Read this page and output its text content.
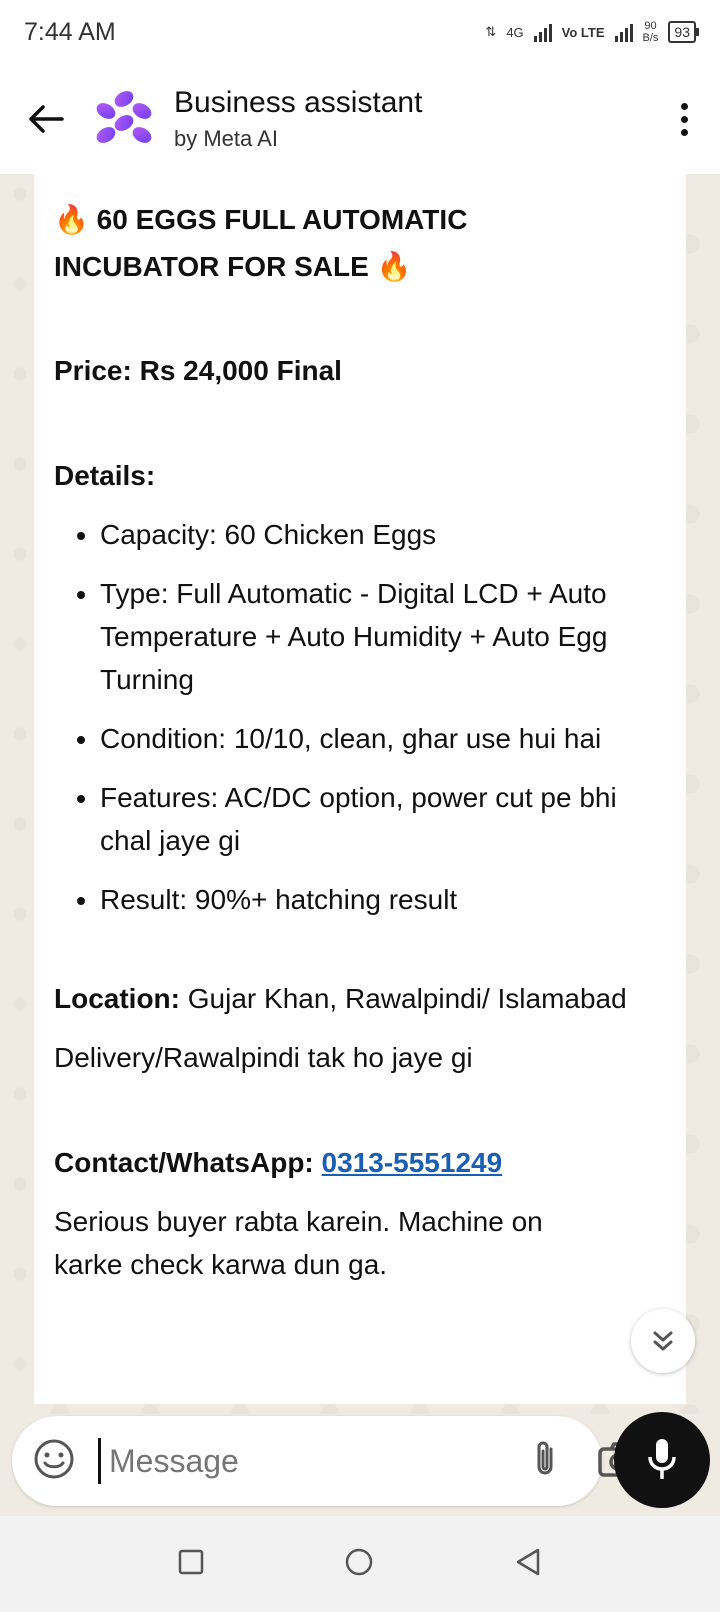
7:44 AM	⇅ 4G	Vo LTE	90
B/s	93
Business assistant
by Meta AI

🔥 60 EGGS FULL AUTOMATIC

INCUBATOR FOR SALE 🔥

Price: Rs 24,000 Final

Details:

• Capacity: 60 Chicken Eggs
• Type: Full Automatic - Digital LCD + Auto Temperature + Auto Humidity + Auto Egg Turning
• Condition: 10/10, clean, ghar use hui hai
• Features: AC/DC option, power cut pe bhi chal jaye gi
• Result: 90%+ hatching result

Location: Gujar Khan, Rawalpindi/ Islamabad

Delivery/Rawalpindi tak ho jaye gi

Contact/WhatsApp: 0313-5551249

Serious buyer rabta karein. Machine on karke check karwa dun ga.

Message
